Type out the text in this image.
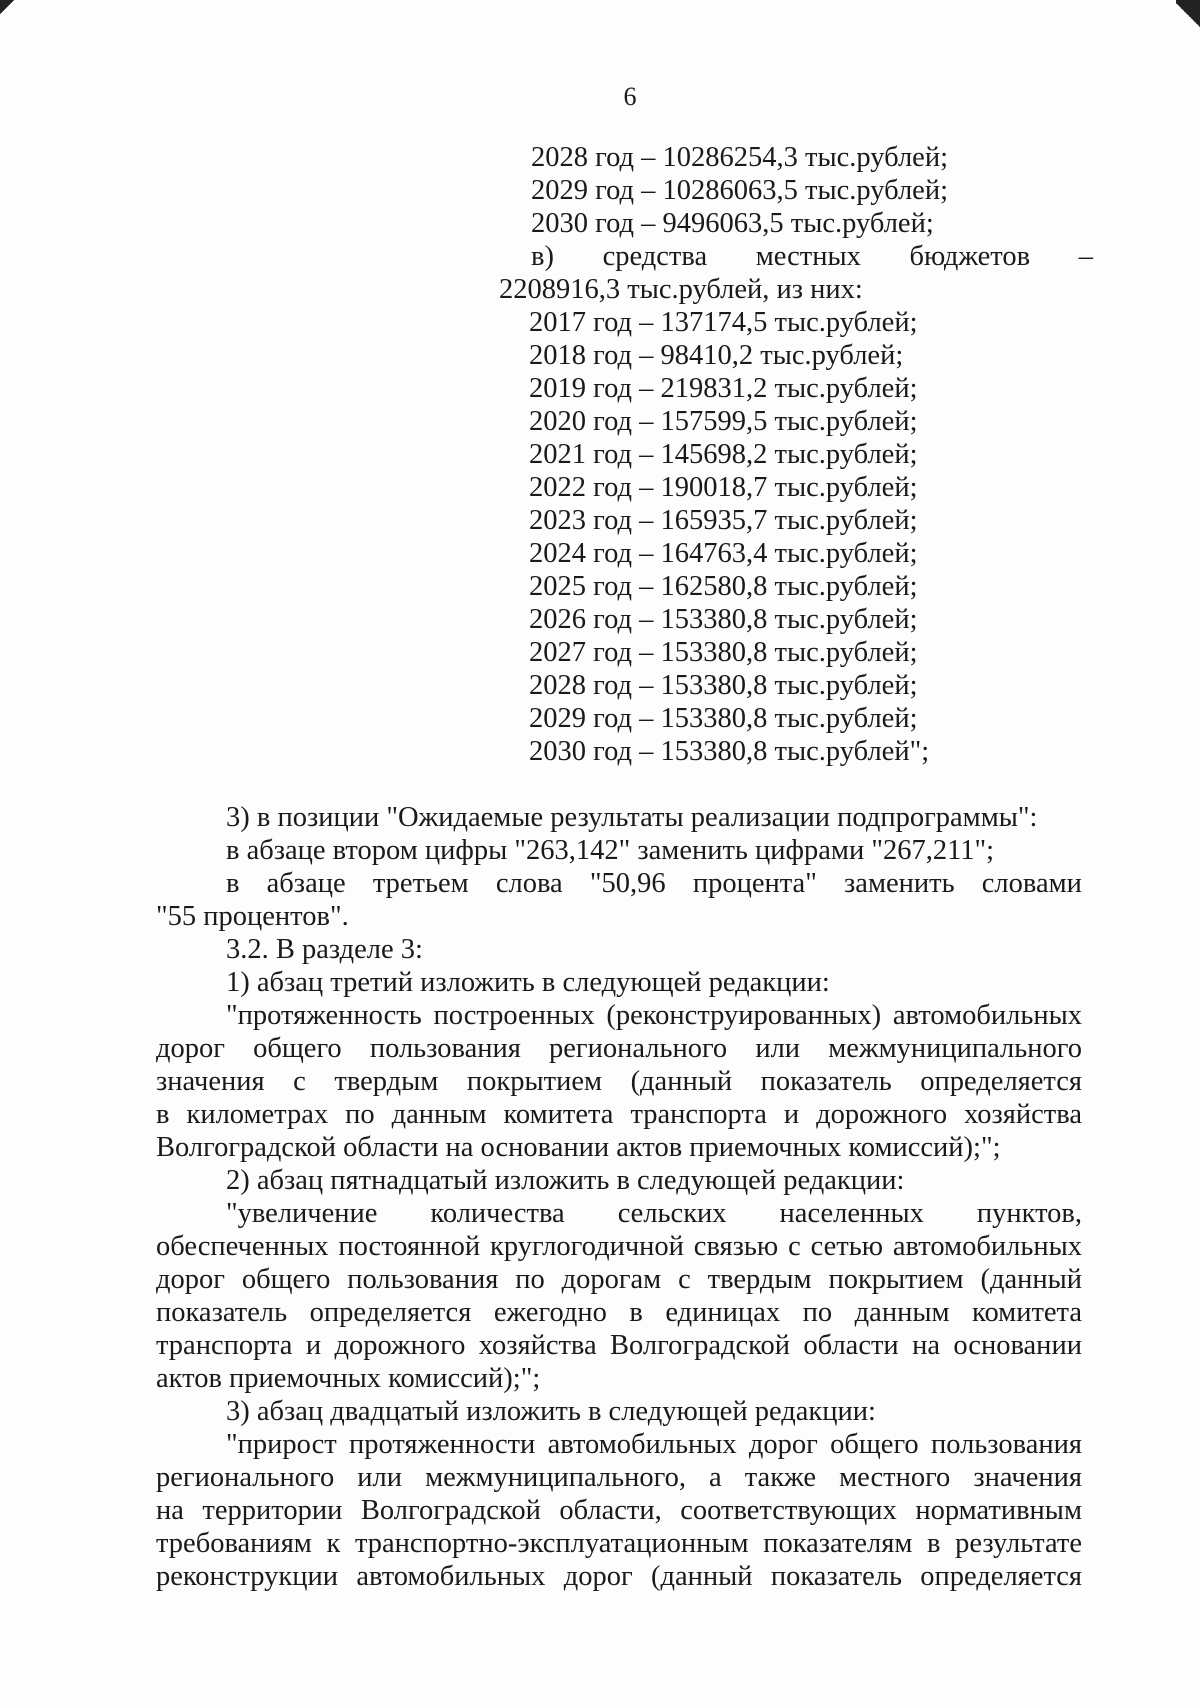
6
2028 год – 10286254,3 тыс.рублей;
2029 год – 10286063,5 тыс.рублей;
2030 год – 9496063,5 тыс.рублей;
в) средства местных бюджетов –
2208916,3 тыс.рублей, из них:
2017 год – 137174,5 тыс.рублей;
2018 год – 98410,2 тыс.рублей;
2019 год – 219831,2 тыс.рублей;
2020 год – 157599,5 тыс.рублей;
2021 год – 145698,2 тыс.рублей;
2022 год – 190018,7 тыс.рублей;
2023 год – 165935,7 тыс.рублей;
2024 год – 164763,4 тыс.рублей;
2025 год – 162580,8 тыс.рублей;
2026 год – 153380,8 тыс.рублей;
2027 год – 153380,8 тыс.рублей;
2028 год – 153380,8 тыс.рублей;
2029 год – 153380,8 тыс.рублей;
2030 год – 153380,8 тыс.рублей";
3) в позиции "Ожидаемые результаты реализации подпрограммы":
в абзаце втором цифры "263,142" заменить цифрами "267,211";
в абзаце третьем слова "50,96 процента" заменить словами
"55 процентов".
3.2. В разделе 3:
1) абзац третий изложить в следующей редакции:
"протяженность построенных (реконструированных) автомобильных
дорог общего пользования регионального или межмуниципального
значения с твердым покрытием (данный показатель определяется
в километрах по данным комитета транспорта и дорожного хозяйства
Волгоградской области на основании актов приемочных комиссий);";
2) абзац пятнадцатый изложить в следующей редакции:
"увеличение количества сельских населенных пунктов,
обеспеченных постоянной круглогодичной связью с сетью автомобильных
дорог общего пользования по дорогам с твердым покрытием (данный
показатель определяется ежегодно в единицах по данным комитета
транспорта и дорожного хозяйства Волгоградской области на основании
актов приемочных комиссий);";
3) абзац двадцатый изложить в следующей редакции:
"прирост протяженности автомобильных дорог общего пользования
регионального или межмуниципального, а также местного значения
на территории Волгоградской области, соответствующих нормативным
требованиям к транспортно-эксплуатационным показателям в результате
реконструкции автомобильных дорог (данный показатель определяется
